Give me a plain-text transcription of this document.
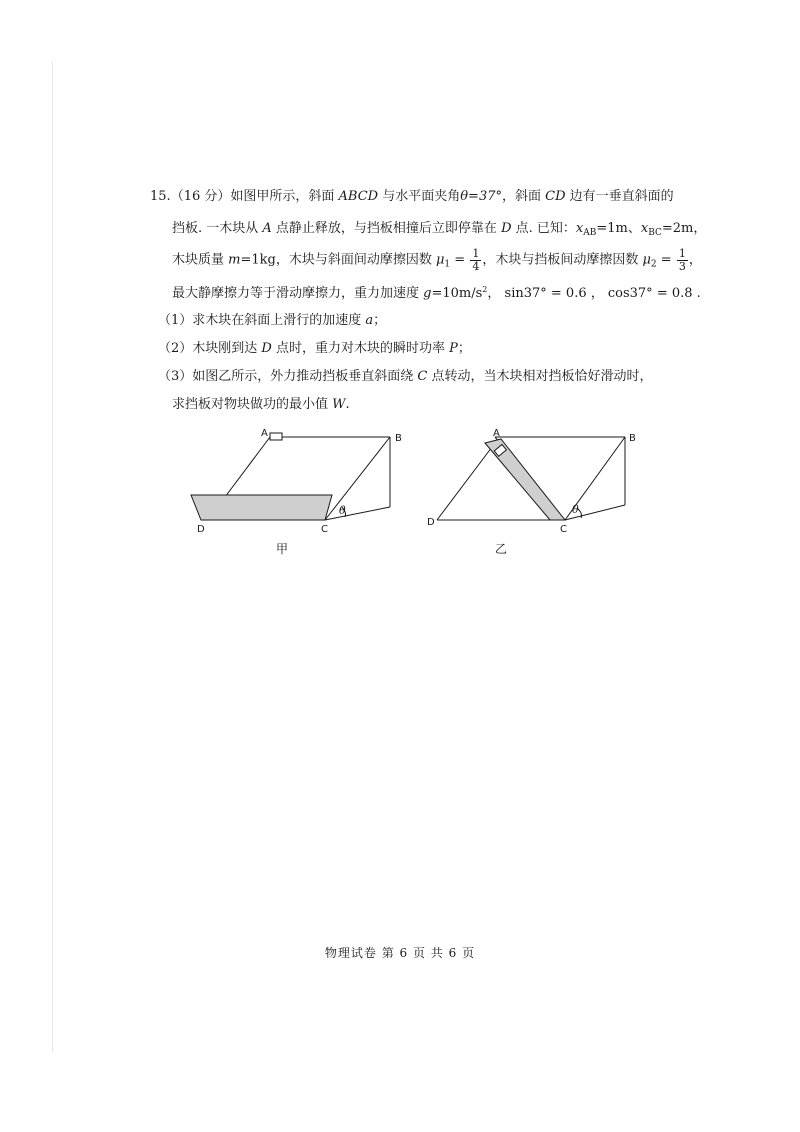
15.（16 分）如图甲所示，斜面 ABCD 与水平面夹角θ=37°，斜面 CD 边有一垂直斜面的
挡板. 一木块从 A 点静止释放，与挡板相撞后立即停靠在 D 点. 已知：$x_{AB}=1m$、$x_{BC}=2m$，
木块质量 m=1kg，木块与斜面间动摩擦因数 $\mu_1 = \frac{1}{4}$ ，木块与挡板间动摩擦因数 $\mu_2 = \frac{1}{3}$ ，
最大静摩擦力等于滑动摩擦力，重力加速度 $g=10m/s^2$， sin37° = 0.6 ， cos37° = 0.8 .
（1）求木块在斜面上滑行的加速度 a；
（2）木块刚到达 D 点时，重力对木块的瞬时功率 P；
（3）如图乙所示，外力推动挡板垂直斜面绕 C 点转动，当木块相对挡板恰好滑动时，
求挡板对物块做功的最小值 W.
A	B
C
D
θ
甲
A	B
C
D
θ
乙
物理试卷 第 6 页 共 6 页
